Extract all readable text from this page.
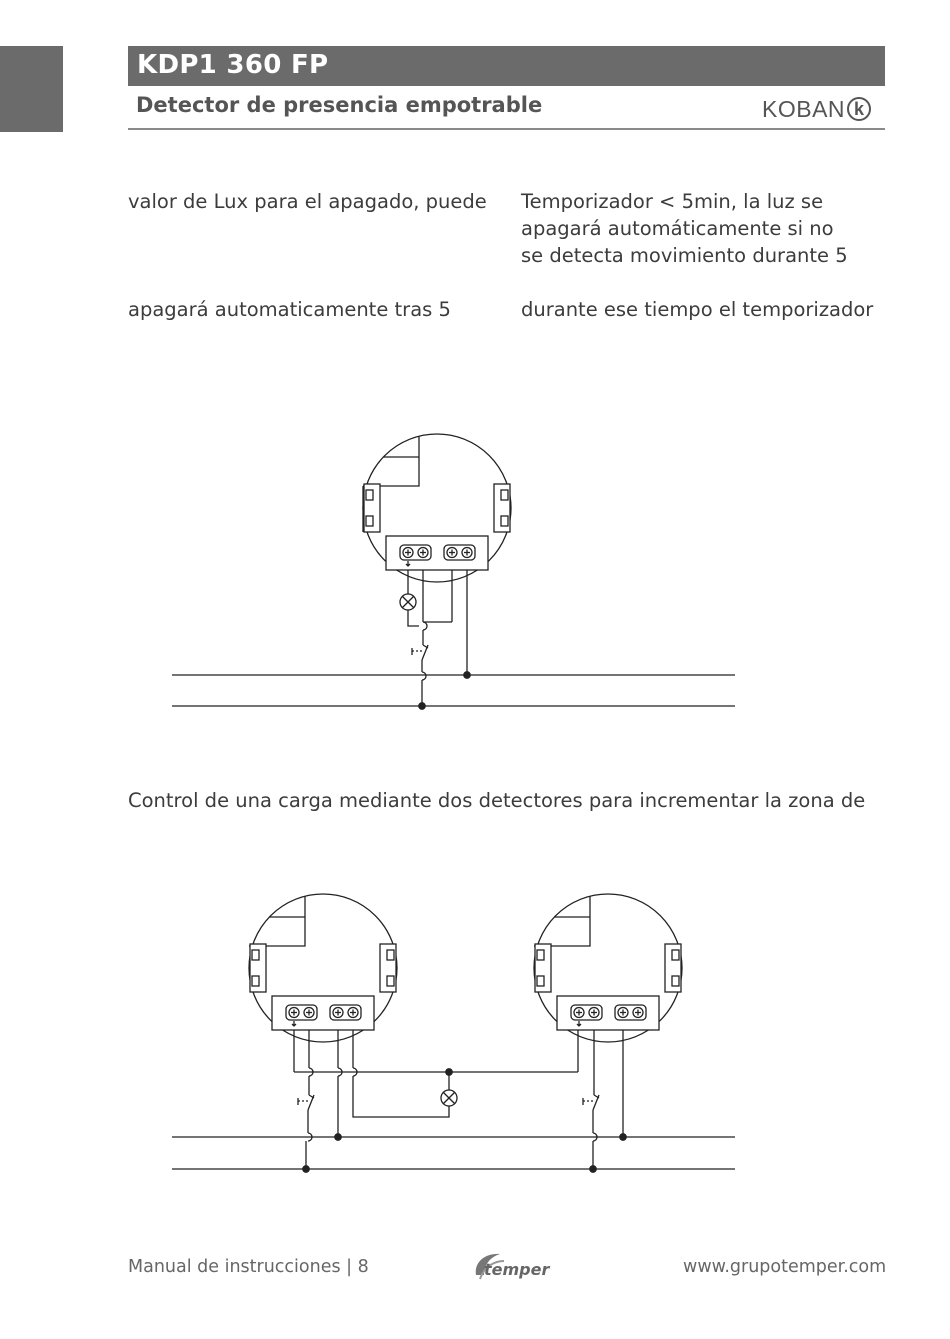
KDP1 360 FP
Detector de presencia empotrable	KOBAN k
valor de Lux para el apagado, puede Temporizador < 5min, la luz se
apagará automáticamente si no
se detecta movimiento durante 5
apagará automaticamente tras 5	durante ese tiempo el temporizador
Control de una carga mediante dos detectores para incrementar la zona de
Manual de instrucciones | 8	temper	www.grupotemper.com
